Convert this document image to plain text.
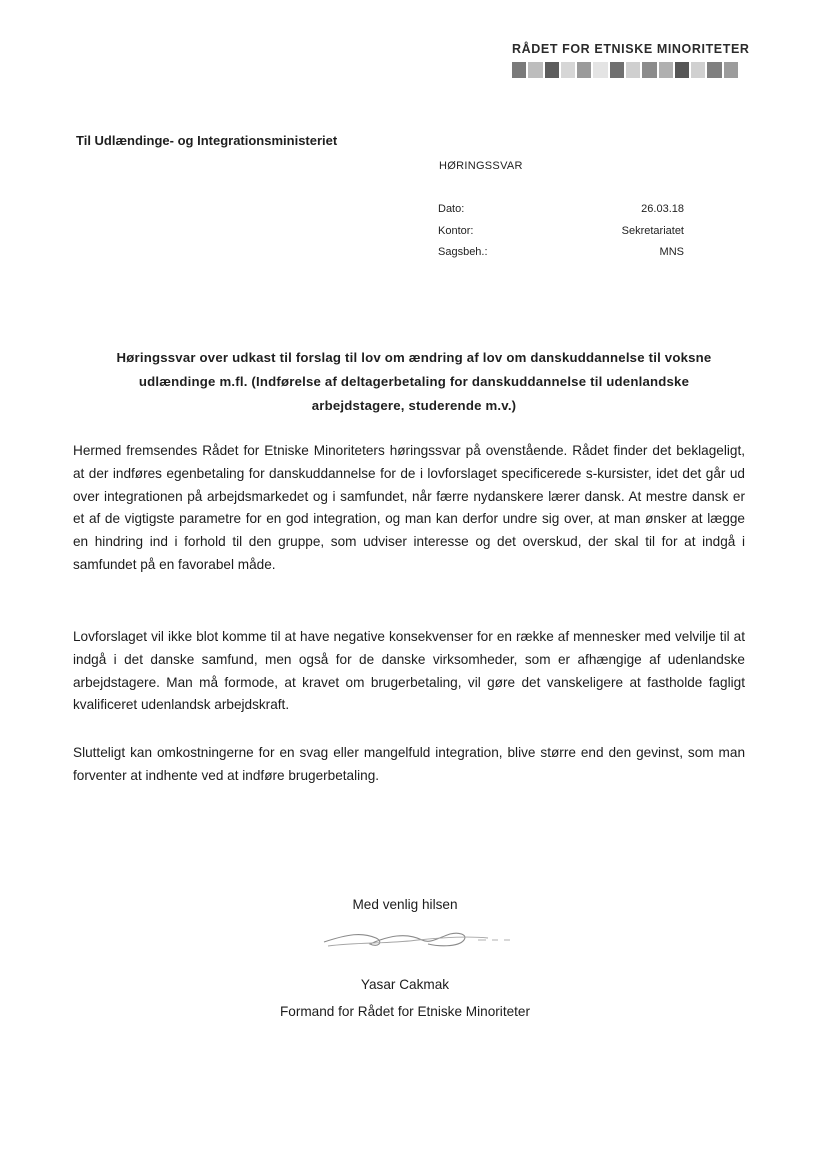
RÅDET FOR ETNISKE MINORITETER
Til Udlændinge- og Integrationsministeriet
HØRINGSSVAR
Dato:	26.03.18
Kontor:	Sekretariatet
Sagsbeh.:	MNS
Høringssvar over udkast til forslag til lov om ændring af lov om danskuddannelse til voksne
udlændinge m.fl. (Indførelse af deltagerbetaling for danskuddannelse til udenlandske
arbejdstagere, studerende m.v.)

Hermed fremsendes Rådet for Etniske Minoriteters høringssvar på ovenstående. Rådet finder det beklageligt, at der indføres egenbetaling for danskuddannelse for de i lovforslaget specificerede s-kursister, idet det går ud over integrationen på arbejdsmarkedet og i samfundet, når færre nydanskere lærer dansk. At mestre dansk er et af de vigtigste parametre for en god integration, og man kan derfor undre sig over, at man ønsker at lægge en hindring ind i forhold til den gruppe, som udviser interesse og det overskud, der skal til for at indgå i samfundet på en favorabel måde.

Lovforslaget vil ikke blot komme til at have negative konsekvenser for en række af mennesker med velvilje til at indgå i det danske samfund, men også for de danske virksomheder, som er afhængige af udenlandske arbejdstagere. Man må formode, at kravet om brugerbetaling, vil gøre det vanskeligere at fastholde fagligt kvalificeret udenlandsk arbejdskraft.

Slutteligt kan omkostningerne for en svag eller mangelfuld integration, blive større end den gevinst, som man forventer at indhente ved at indføre brugerbetaling.

Med venlig hilsen
Yasar Cakmak
Formand for Rådet for Etniske Minoriteter
